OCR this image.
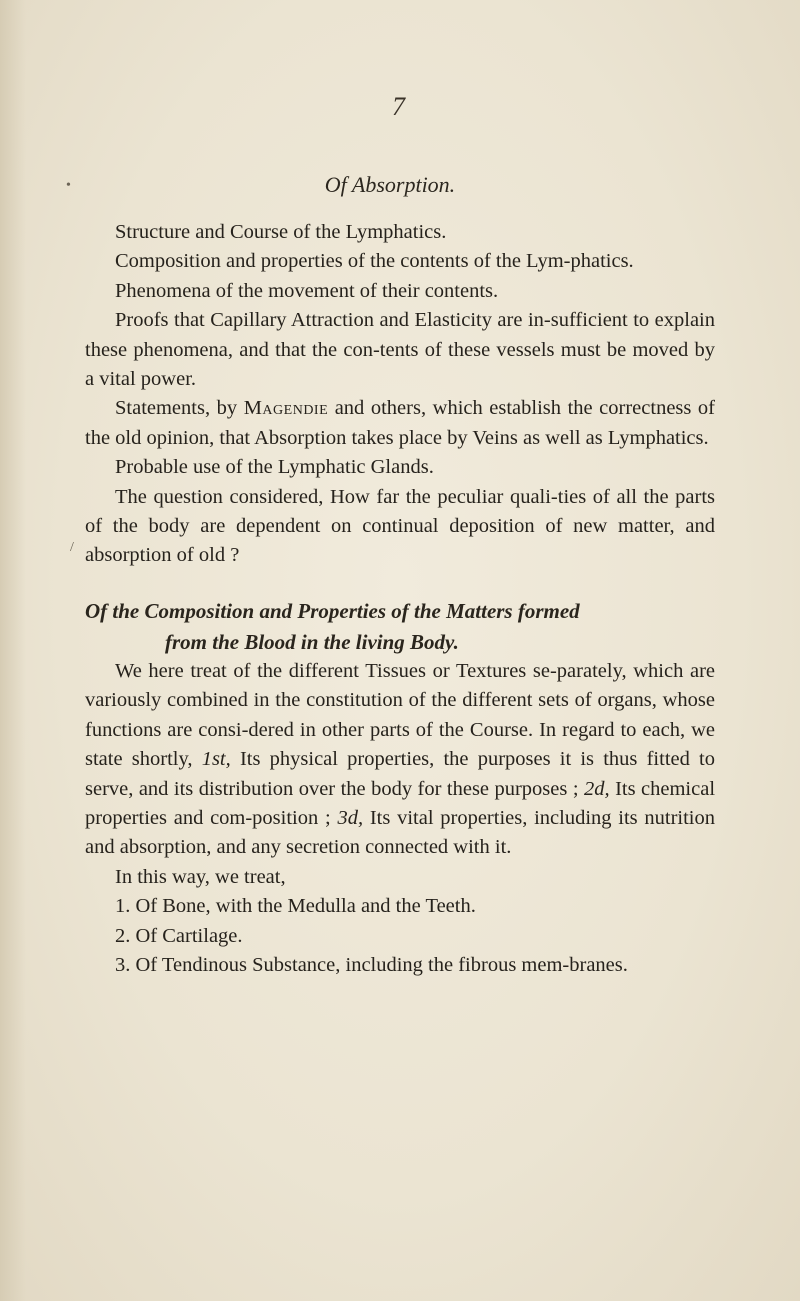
7
•
/
Of Absorption.

Structure and Course of the Lymphatics.

Composition and properties of the contents of the Lym-phatics.

Phenomena of the movement of their contents.

Proofs that Capillary Attraction and Elasticity are in-sufficient to explain these phenomena, and that the con-tents of these vessels must be moved by a vital power.

Statements, by Magendie and others, which establish the correctness of the old opinion, that Absorption takes place by Veins as well as Lymphatics.

Probable use of the Lymphatic Glands.

The question considered, How far the peculiar quali-ties of all the parts of the body are dependent on continual deposition of new matter, and absorption of old ?

Of the Composition and Properties of the Matters formed
from the Blood in the living Body.

We here treat of the different Tissues or Textures se-parately, which are variously combined in the constitution of the different sets of organs, whose functions are consi-dered in other parts of the Course. In regard to each, we state shortly, 1st, Its physical properties, the purposes it is thus fitted to serve, and its distribution over the body for these purposes ; 2d, Its chemical properties and com-position ; 3d, Its vital properties, including its nutrition and absorption, and any secretion connected with it.

In this way, we treat,

1. Of Bone, with the Medulla and the Teeth.

2. Of Cartilage.

3. Of Tendinous Substance, including the fibrous mem-branes.
